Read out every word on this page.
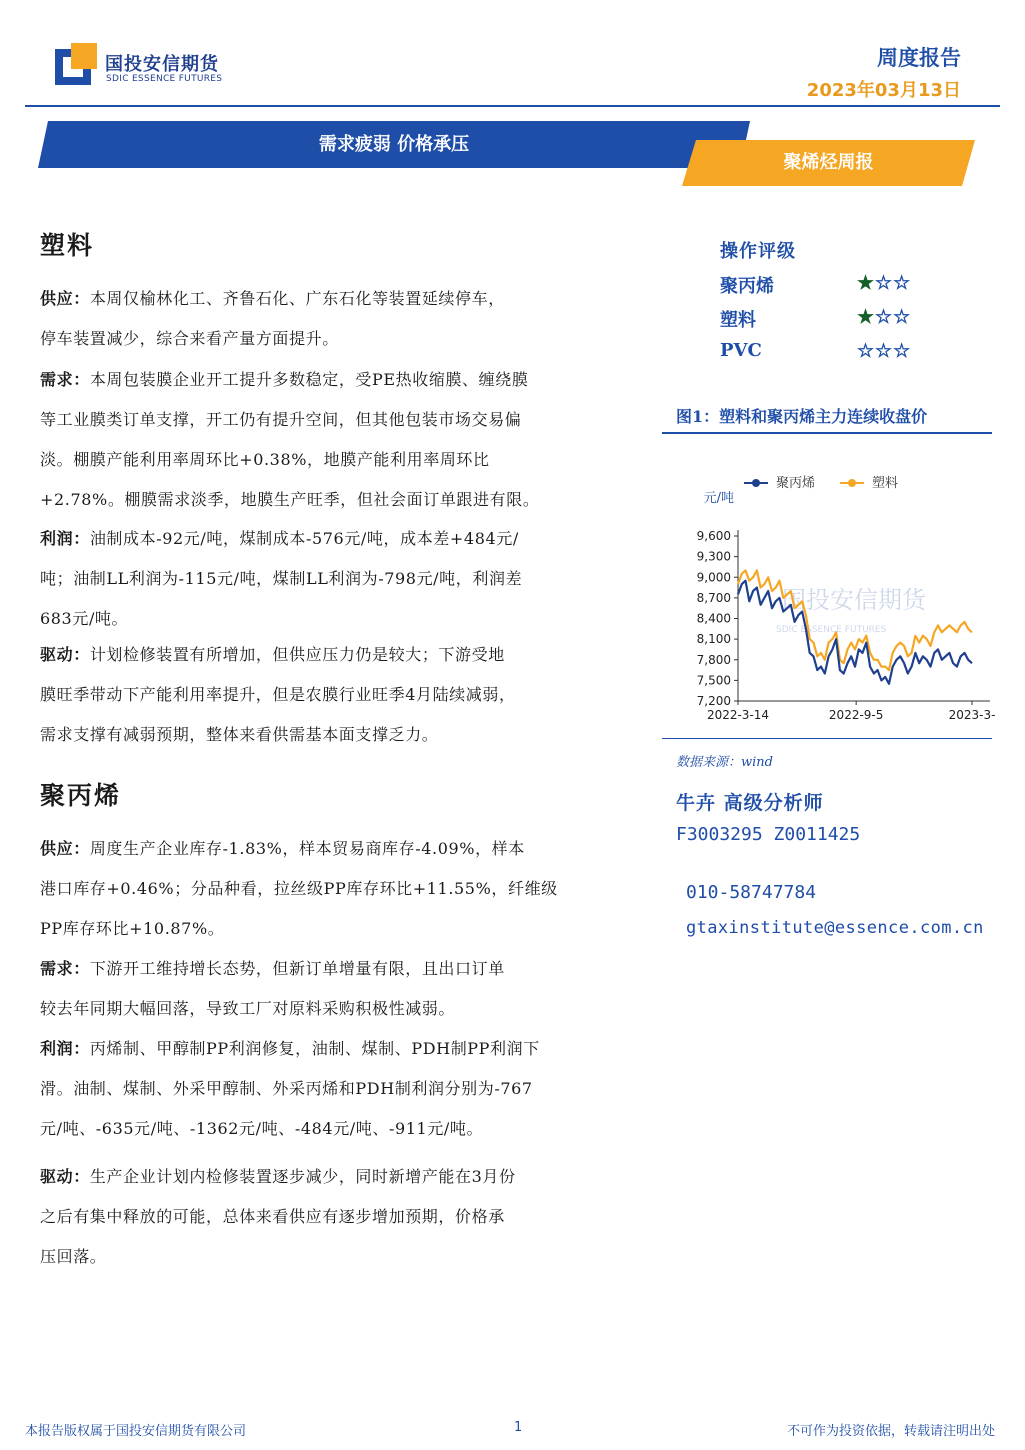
国投安信期货
SDIC ESSENCE FUTURES
周度报告
2023年03月13日
需求疲弱 价格承压
聚烯烃周报
塑料
供应：本周仅榆林化工、齐鲁石化、广东石化等装置延续停车，
停车装置减少，综合来看产量方面提升。
需求：本周包装膜企业开工提升多数稳定，受PE热收缩膜、缠绕膜
等工业膜类订单支撑，开工仍有提升空间，但其他包装市场交易偏
淡。棚膜产能利用率周环比+0.38%，地膜产能利用率周环比
+2.78%。棚膜需求淡季，地膜生产旺季，但社会面订单跟进有限。
利润：油制成本-92元/吨，煤制成本-576元/吨，成本差+484元/
吨；油制LL利润为-115元/吨，煤制LL利润为-798元/吨，利润差
683元/吨。
驱动：计划检修装置有所增加，但供应压力仍是较大；下游受地
膜旺季带动下产能利用率提升，但是农膜行业旺季4月陆续减弱，
需求支撑有减弱预期，整体来看供需基本面支撑乏力。
聚丙烯
供应：周度生产企业库存-1.83%，样本贸易商库存-4.09%，样本
港口库存+0.46%；分品种看，拉丝级PP库存环比+11.55%，纤维级
PP库存环比+10.87%。
需求：下游开工维持增长态势，但新订单增量有限，且出口订单
较去年同期大幅回落，导致工厂对原料采购积极性减弱。
利润：丙烯制、甲醇制PP利润修复，油制、煤制、PDH制PP利润下
滑。油制、煤制、外采甲醇制、外采丙烯和PDH制利润分别为-767
元/吨、-635元/吨、-1362元/吨、-484元/吨、-911元/吨。
驱动：生产企业计划内检修装置逐步减少，同时新增产能在3月份
之后有集中释放的可能，总体来看供应有逐步增加预期，价格承
压回落。
操作评级
聚丙烯	★☆☆
塑料	★☆☆
PVC	☆☆☆
图1：塑料和聚丙烯主力连续收盘价
国投安信期货
SDIC ESSENCE FUTURES
9,600
9,300
9,000
8,700
8,400
8,100
7,800
7,500
7,200
2022-3-14	2022-9-5	2023-3-
元/吨
聚丙烯	塑料
数据来源：wind
牛卉 高级分析师
F3003295 Z0011425
010-58747784
gtaxinstitute@essence.com.cn
本报告版权属于国投安信期货有限公司	1	不可作为投资依据，转载请注明出处
